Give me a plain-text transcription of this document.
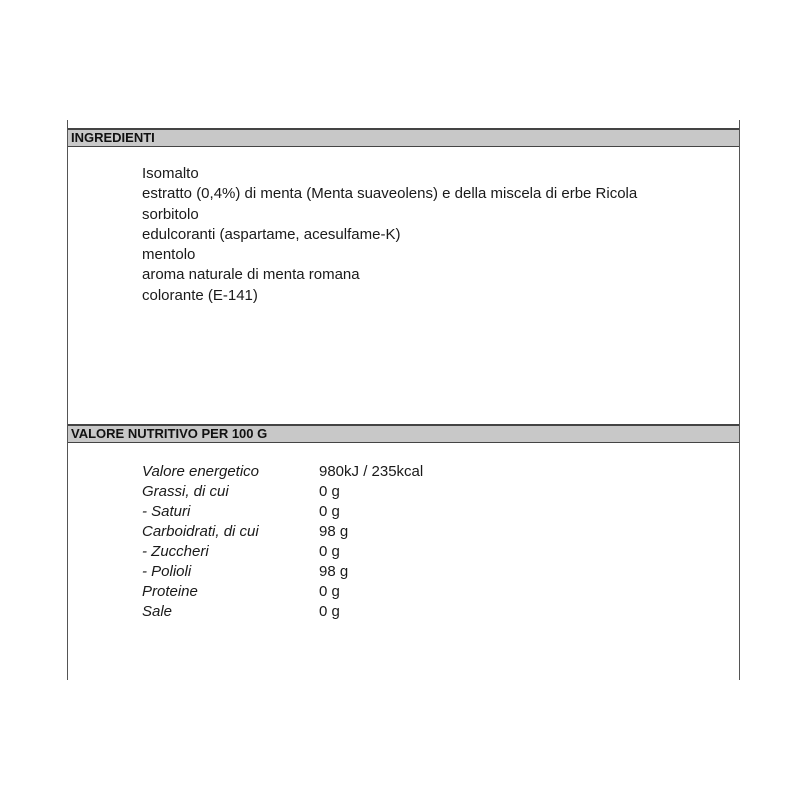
INGREDIENTI
Isomalto
estratto (0,4%) di menta (Menta suaveolens) e della miscela di erbe Ricola
sorbitolo
edulcoranti (aspartame, acesulfame-K)
mentolo
aroma naturale di menta romana
colorante (E-141)
VALORE NUTRITIVO PER 100 G
Valore energetico	980kJ / 235kcal
Grassi, di cui	0 g
- Saturi	0 g
Carboidrati, di cui	98 g
- Zuccheri	0 g
- Polioli	98 g
Proteine	0 g
Sale	0 g
